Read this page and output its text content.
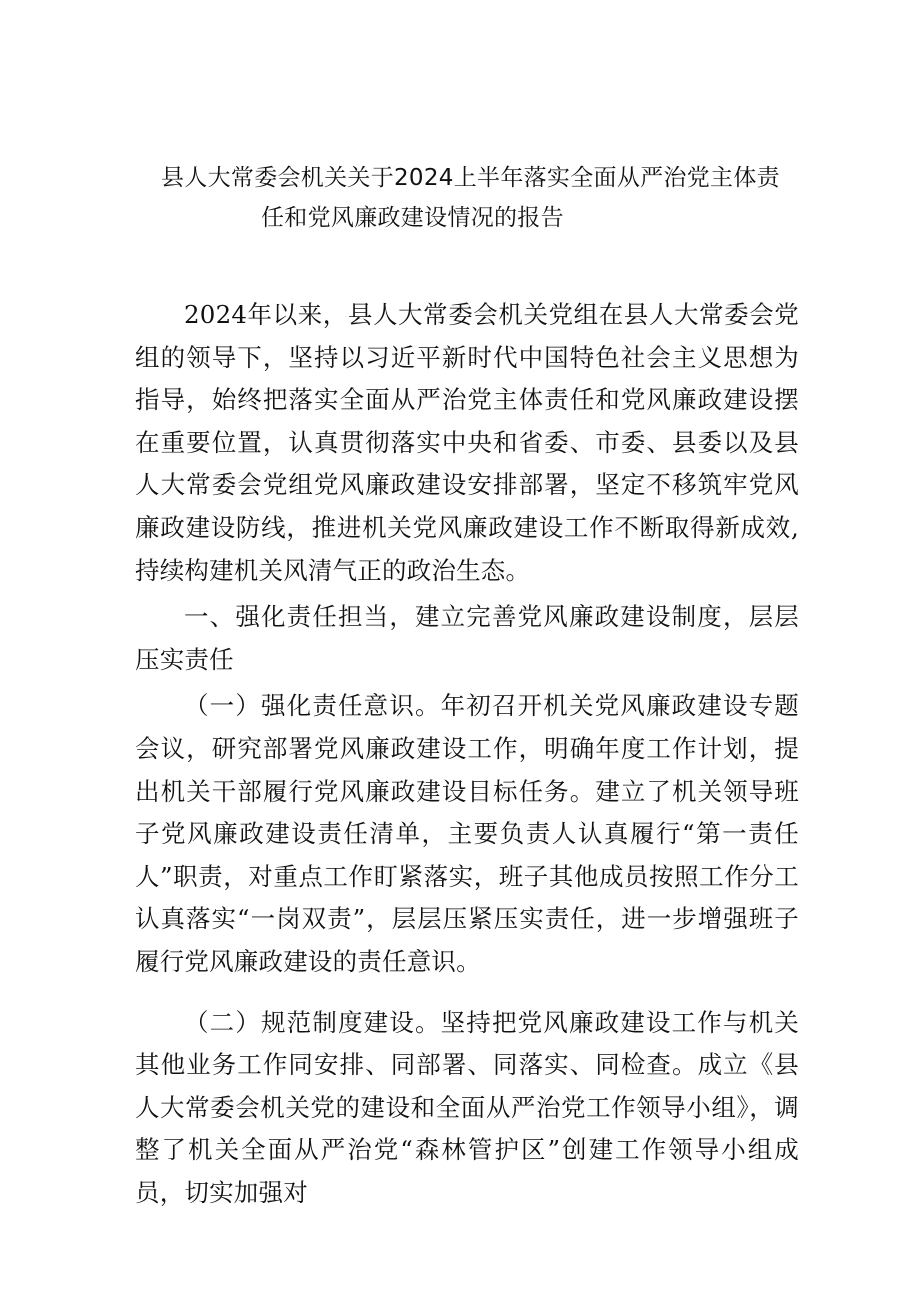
县人大常委会机关关于2024上半年落实全面从严治党主体责
任和党风廉政建设情况的报告

2024年以来，县人大常委会机关党组在县人大常委会党组的领导下，坚持以习近平新时代中国特色社会主义思想为指导，始终把落实全面从严治党主体责任和党风廉政建设摆在重要位置，认真贯彻落实中央和省委、市委、县委以及县人大常委会党组党风廉政建设安排部署，坚定不移筑牢党风廉政建设防线，推进机关党风廉政建设工作不断取得新成效,持续构建机关风清气正的政治生态。

一、强化责任担当，建立完善党风廉政建设制度，层层压实责任

（一）强化责任意识。年初召开机关党风廉政建设专题会议，研究部署党风廉政建设工作，明确年度工作计划，提出机关干部履行党风廉政建设目标任务。建立了机关领导班子党风廉政建设责任清单，主要负责人认真履行“第一责任人”职责，对重点工作盯紧落实，班子其他成员按照工作分工认真落实“一岗双责”，层层压紧压实责任，进一步增强班子履行党风廉政建设的责任意识。

（二）规范制度建设。坚持把党风廉政建设工作与机关其他业务工作同安排、同部署、同落实、同检查。成立《县人大常委会机关党的建设和全面从严治党工作领导小组》，调整了机关全面从严治党“森林管护区”创建工作领导小组成员，切实加强对
